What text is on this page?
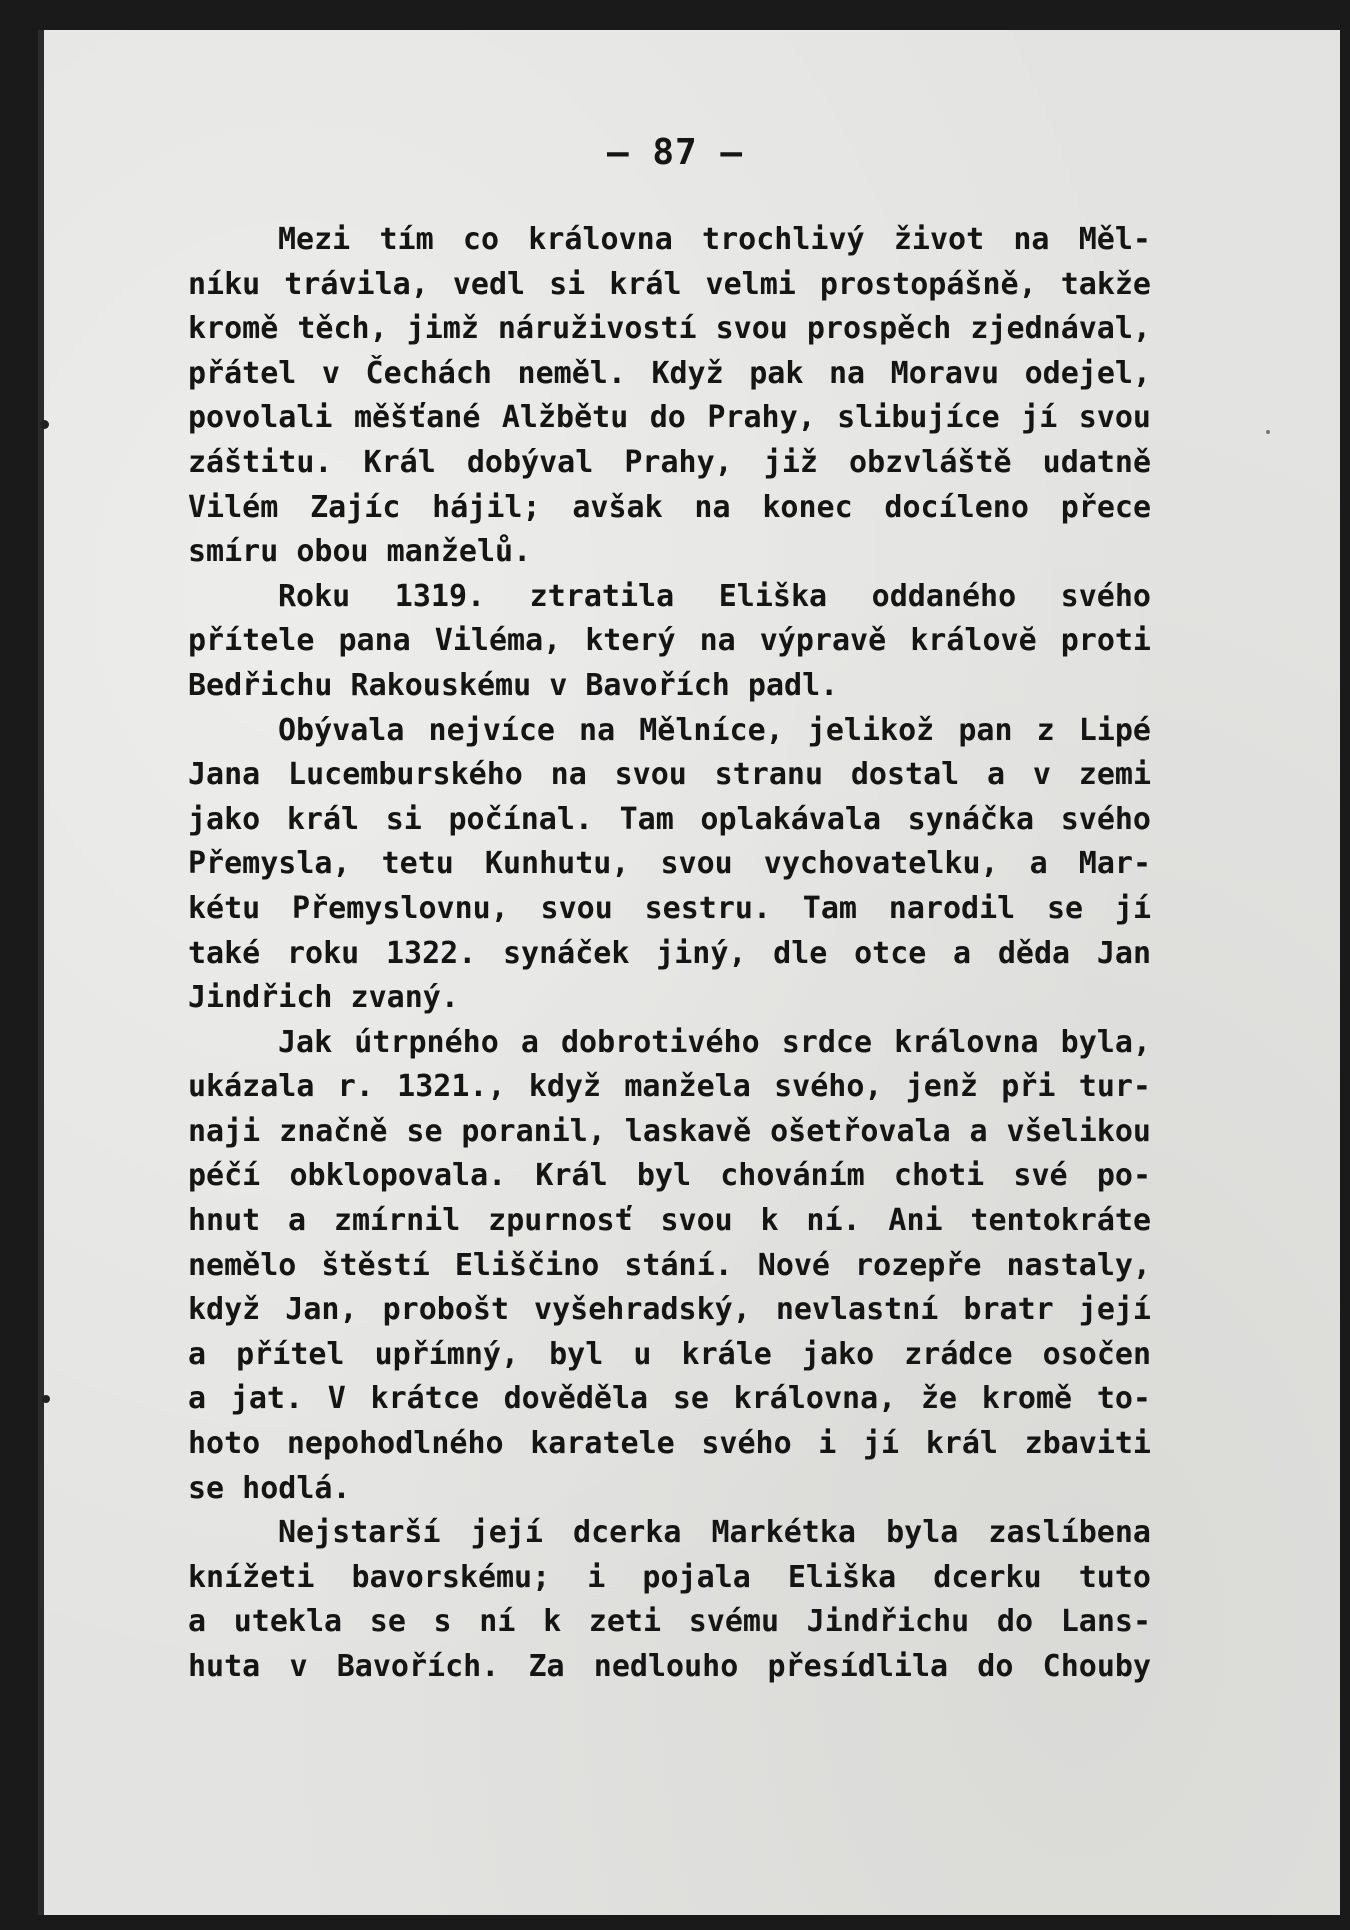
— 87 —
Mezi tím co královna trochlivý život na Měl-
níku trávila, vedl si král velmi prostopášně, takže
kromě těch, jimž náruživostí svou prospěch zjednával,
přátel v Čechách neměl. Když pak na Moravu odejel,
povolali měšťané Alžbětu do Prahy, slibujíce jí svou
záštitu. Král dobýval Prahy, již obzvláště udatně
Vilém Zajíc hájil; avšak na konec docíleno přece
smíru obou manželů.
Roku 1319. ztratila Eliška oddaného svého
přítele pana Viléma, který na výpravě královĕ proti
Bedřichu Rakouskému v Bavořích padl.
Obývala nejvíce na Mělníce, jelikož pan z Lipé
Jana Lucemburského na svou stranu dostal a v zemi
jako král si počínal. Tam oplakávala synáčka svého
Přemysla, tetu Kunhutu, svou vychovatelku, a Mar-
kétu Přemyslovnu, svou sestru. Tam narodil se jí
také roku 1322. synáček jiný, dle otce a děda Jan
Jindřich zvaný.
Jak útrpného a dobrotivého srdce královna byla,
ukázala r. 1321., když manžela svého, jenž při tur-
naji značně se poranil, laskavě ošetřovala a všelikou
péčí obklopovala. Král byl chováním choti své po-
hnut a zmírnil zpurnosť svou k ní. Ani tentokráte
nemělo štěstí Eliščino stání. Nové rozepře nastaly,
když Jan, probošt vyšehradský, nevlastní bratr její
a přítel upřímný, byl u krále jako zrádce osočen
a jat. V krátce dověděla se královna, že kromě to-
hoto nepohodlného karatele svého i jí král zbaviti
se hodlá.
Nejstarší její dcerka Markétka byla zaslíbena
knížeti bavorskému; i pojala Eliška dcerku tuto
a utekla se s ní k zeti svému Jindřichu do Lans-
huta v Bavořích. Za nedlouho přesídlila do Chouby
